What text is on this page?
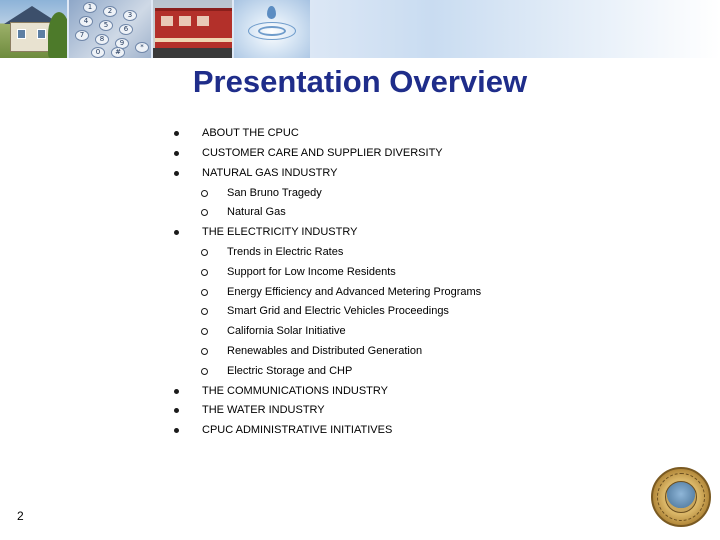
1	2	3
4	5	6
7	8	9	*
0	#
Presentation Overview
ABOUT THE CPUC
CUSTOMER CARE AND SUPPLIER DIVERSITY
NATURAL GAS INDUSTRY
San Bruno Tragedy
Natural Gas
THE ELECTRICITY INDUSTRY
Trends in Electric Rates
Support for Low Income Residents
Energy Efficiency and Advanced Metering Programs
Smart Grid and Electric Vehicles Proceedings
California Solar Initiative
Renewables and Distributed Generation
Electric Storage and CHP
THE COMMUNICATIONS INDUSTRY
THE WATER INDUSTRY
CPUC ADMINISTRATIVE INITIATIVES
2
